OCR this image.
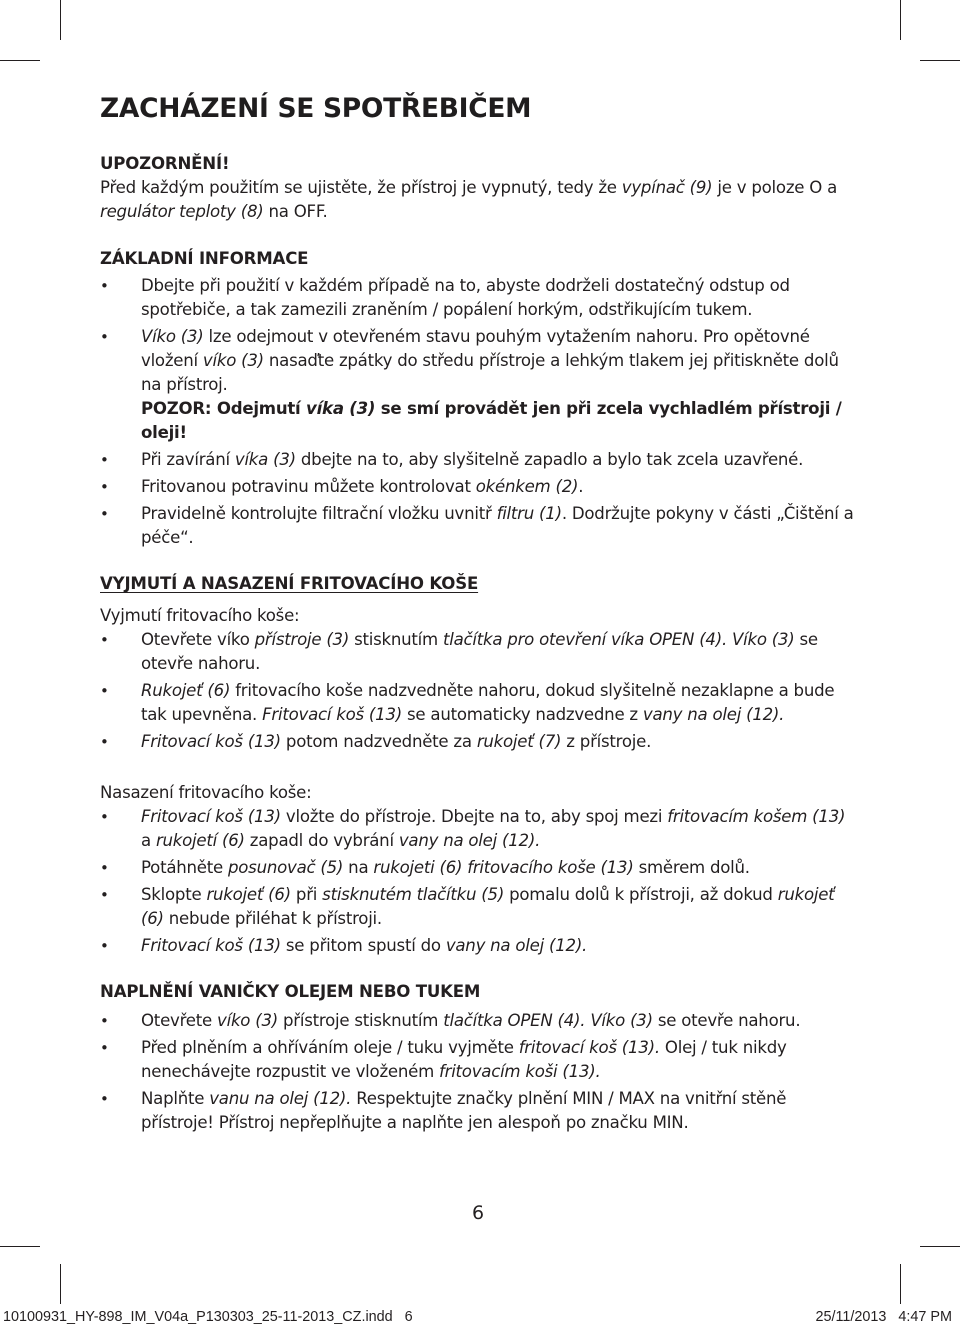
ZACHÁZENÍ SE SPOTŘEBIČEM

UPOZORNĚNÍ!

Před každým použitím se ujistěte, že přístroj je vypnutý, tedy že vypínač (9) je v poloze O a regulátor teploty (8) na OFF.

ZÁKLADNÍ INFORMACE

• Dbejte při použití v každém případě na to, abyste dodrželi dostatečný odstup od spotřebiče, a tak zamezili zraněním / popálení horkým, odstřikujícím tukem.
• Víko (3) lze odejmout v otevřeném stavu pouhým vytažením nahoru. Pro opětovné vložení víko (3) nasaďte zpátky do středu přístroje a lehkým tlakem jej přitiskněte dolů na přístroj.
POZOR: Odejmutí víka (3) se smí provádět jen při zcela vychladlém přístroji / oleji!
• Při zavírání víka (3) dbejte na to, aby slyšitelně zapadlo a bylo tak zcela uzavřené.
• Fritovanou potravinu můžete kontrolovat okénkem (2).
• Pravidelně kontrolujte filtrační vložku uvnitř filtru (1). Dodržujte pokyny v části „Čištění a péče“.

VYJMUTÍ A NASAZENÍ FRITOVACÍHO KOŠE

Vyjmutí fritovacího koše:

• Otevřete víko přístroje (3) stisknutím tlačítka pro otevření víka OPEN (4). Víko (3) se otevře nahoru.
• Rukojeť (6) fritovacího koše nadzvedněte nahoru, dokud slyšitelně nezaklapne a bude tak upevněna. Fritovací koš (13) se automaticky nadzvedne z vany na olej (12).
• Fritovací koš (13) potom nadzvedněte za rukojeť (7) z přístroje.

Nasazení fritovacího koše:

• Fritovací koš (13) vložte do přístroje. Dbejte na to, aby spoj mezi fritovacím košem (13) a rukojetí (6) zapadl do vybrání vany na olej (12).
• Potáhněte posunovač (5) na rukojeti (6) fritovacího koše (13) směrem dolů.
• Sklopte rukojeť (6) při stisknutém tlačítku (5) pomalu dolů k přístroji, až dokud rukojeť (6) nebude přiléhat k přístroji.
• Fritovací koš (13) se přitom spustí do vany na olej (12).

NAPLNĚNÍ VANIČKY OLEJEM NEBO TUKEM

• Otevřete víko (3) přístroje stisknutím tlačítka OPEN (4). Víko (3) se otevře nahoru.
• Před plněním a ohříváním oleje / tuku vyjměte fritovací koš (13). Olej / tuk nikdy nenechávejte rozpustit ve vloženém fritovacím koši (13).
• Naplňte vanu na olej (12). Respektujte značky plnění MIN / MAX na vnitřní stěně přístroje! Přístroj nepřeplňujte a naplňte jen alespoň po značku MIN.
6
10100931_HY-898_IM_V04a_P130303_25-11-2013_CZ.indd   6	25/11/2013   4:47 PM
